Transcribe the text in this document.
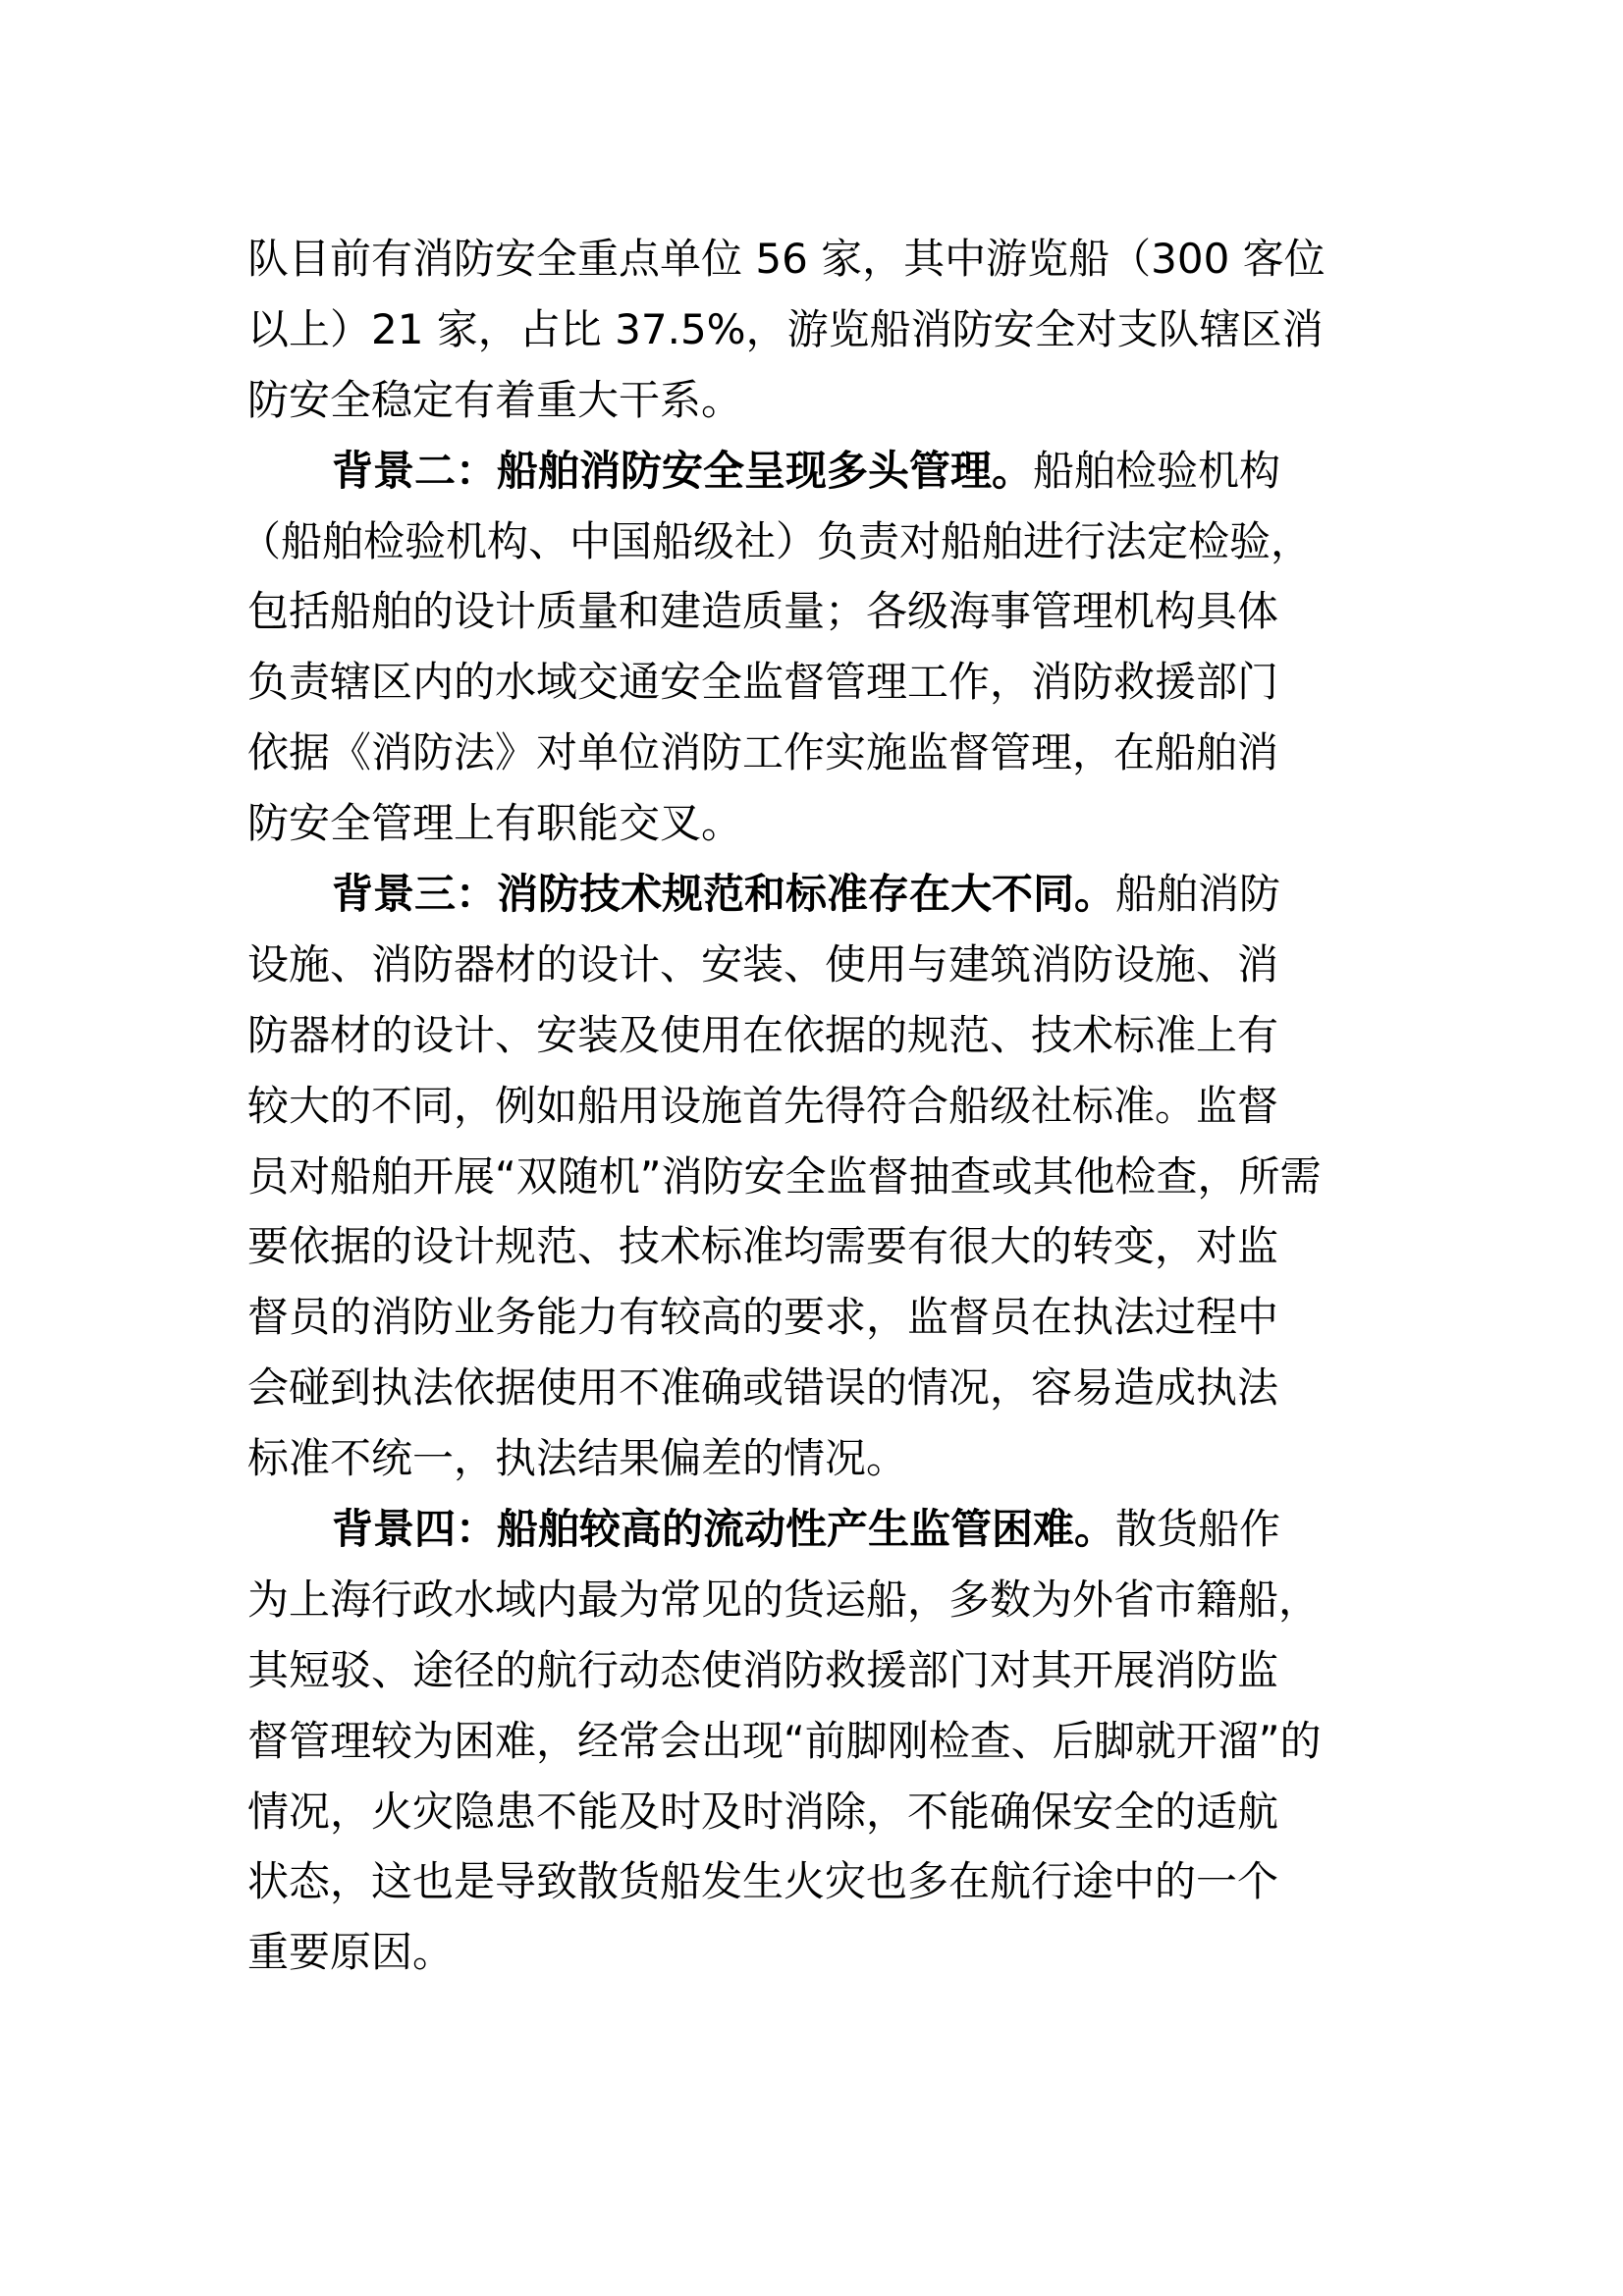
队目前有消防安全重点单位 56 家，其中游览船（300 客位
以上）21 家，占比 37.5%，游览船消防安全对支队辖区消
防安全稳定有着重大干系。
背景二：船舶消防安全呈现多头管理。船舶检验机构
（船舶检验机构、中国船级社）负责对船舶进行法定检验，
包括船舶的设计质量和建造质量；各级海事管理机构具体
负责辖区内的水域交通安全监督管理工作，消防救援部门
依据《消防法》对单位消防工作实施监督管理，在船舶消
防安全管理上有职能交叉。
背景三：消防技术规范和标准存在大不同。船舶消防
设施、消防器材的设计、安装、使用与建筑消防设施、消
防器材的设计、安装及使用在依据的规范、技术标准上有
较大的不同，例如船用设施首先得符合船级社标准。监督
员对船舶开展“双随机”消防安全监督抽查或其他检查，所需
要依据的设计规范、技术标准均需要有很大的转变，对监
督员的消防业务能力有较高的要求，监督员在执法过程中
会碰到执法依据使用不准确或错误的情况，容易造成执法
标准不统一，执法结果偏差的情况。
背景四：船舶较高的流动性产生监管困难。散货船作
为上海行政水域内最为常见的货运船，多数为外省市籍船，
其短驳、途径的航行动态使消防救援部门对其开展消防监
督管理较为困难，经常会出现“前脚刚检查、后脚就开溜”的
情况，火灾隐患不能及时及时消除，不能确保安全的适航
状态，这也是导致散货船发生火灾也多在航行途中的一个
重要原因。
